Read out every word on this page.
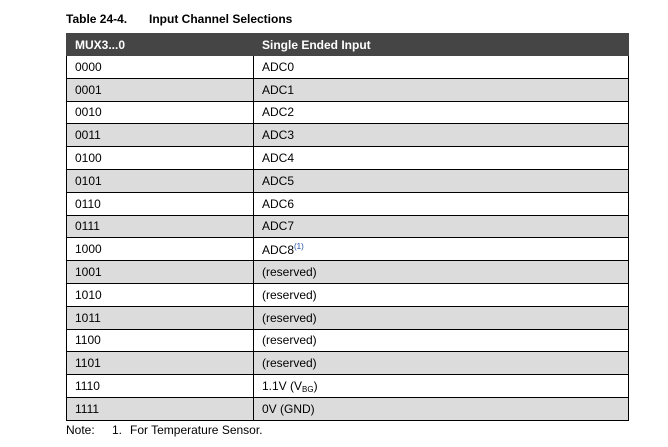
Table 24-4. Input Channel Selections
MUX3...0	Single Ended Input
0000	ADC0
0001	ADC1
0010	ADC2
0011	ADC3
0100	ADC4
0101	ADC5
0110	ADC6
0111	ADC7
1000	ADC8$^{(1)}$
1001	(reserved)
1010	(reserved)
1011	(reserved)
1100	(reserved)
1101	(reserved)
1110	1.1V $(V_{BG})$
1111	0V (GND)
Note: 1. For Temperature Sensor.
